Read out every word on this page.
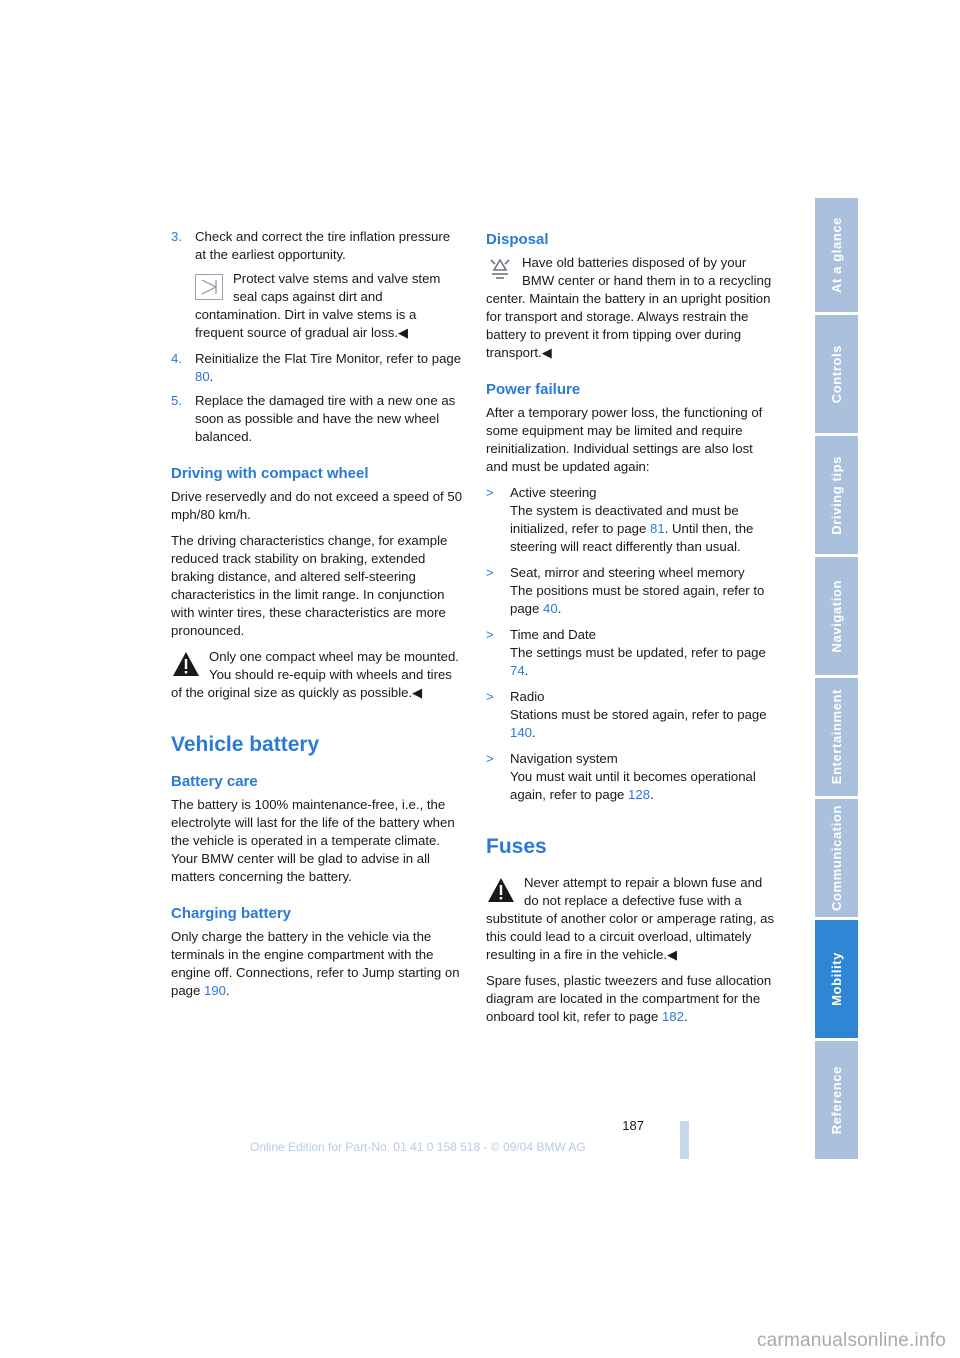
3. Check and correct the tire inflation pressure at the earliest opportunity.
Protect valve stems and valve stem seal caps against dirt and contamination. Dirt in valve stems is a frequent source of gradual air loss.◀
4. Reinitialize the Flat Tire Monitor, refer to page 80.
5. Replace the damaged tire with a new one as soon as possible and have the new wheel balanced.
Driving with compact wheel

Drive reservedly and do not exceed a speed of 50 mph/80 km/h.

The driving characteristics change, for example reduced track stability on braking, extended braking distance, and altered self-steering characteristics in the limit range. In conjunction with winter tires, these characteristics are more pronounced.

Only one compact wheel may be mounted. You should re-equip with wheels and tires of the original size as quickly as possible.◀
Vehicle battery
Battery care

The battery is 100% maintenance-free, i.e., the electrolyte will last for the life of the battery when the vehicle is operated in a temperate climate. Your BMW center will be glad to advise in all matters concerning the battery.

Charging battery

Only charge the battery in the vehicle via the terminals in the engine compartment with the engine off. Connections, refer to Jump starting on page 190.

Disposal
Have old batteries disposed of by your BMW center or hand them in to a recycling center. Maintain the battery in an upright position for transport and storage. Always restrain the battery to prevent it from tipping over during transport.◀
Power failure

After a temporary power loss, the functioning of some equipment may be limited and require reinitialization. Individual settings are also lost and must be updated again:

> Active steering
The system is deactivated and must be initialized, refer to page 81. Until then, the steering will react differently than usual.
> Seat, mirror and steering wheel memory
The positions must be stored again, refer to page 40.
> Time and Date
The settings must be updated, refer to page 74.
> Radio
Stations must be stored again, refer to page 140.
> Navigation system
You must wait until it becomes operational again, refer to page 128.
Fuses
Never attempt to repair a blown fuse and do not replace a defective fuse with a substitute of another color or amperage rating, as this could lead to a circuit overload, ultimately resulting in a fire in the vehicle.◀

Spare fuses, plastic tweezers and fuse allocation diagram are located in the compartment for the onboard tool kit, refer to page 182.

At a glance
Controls
Driving tips
Navigation
Entertainment
Communication
Mobility
Reference
187
Online Edition for Part-No. 01 41 0 158 518 - © 09/04 BMW AG
carmanualsonline.info
